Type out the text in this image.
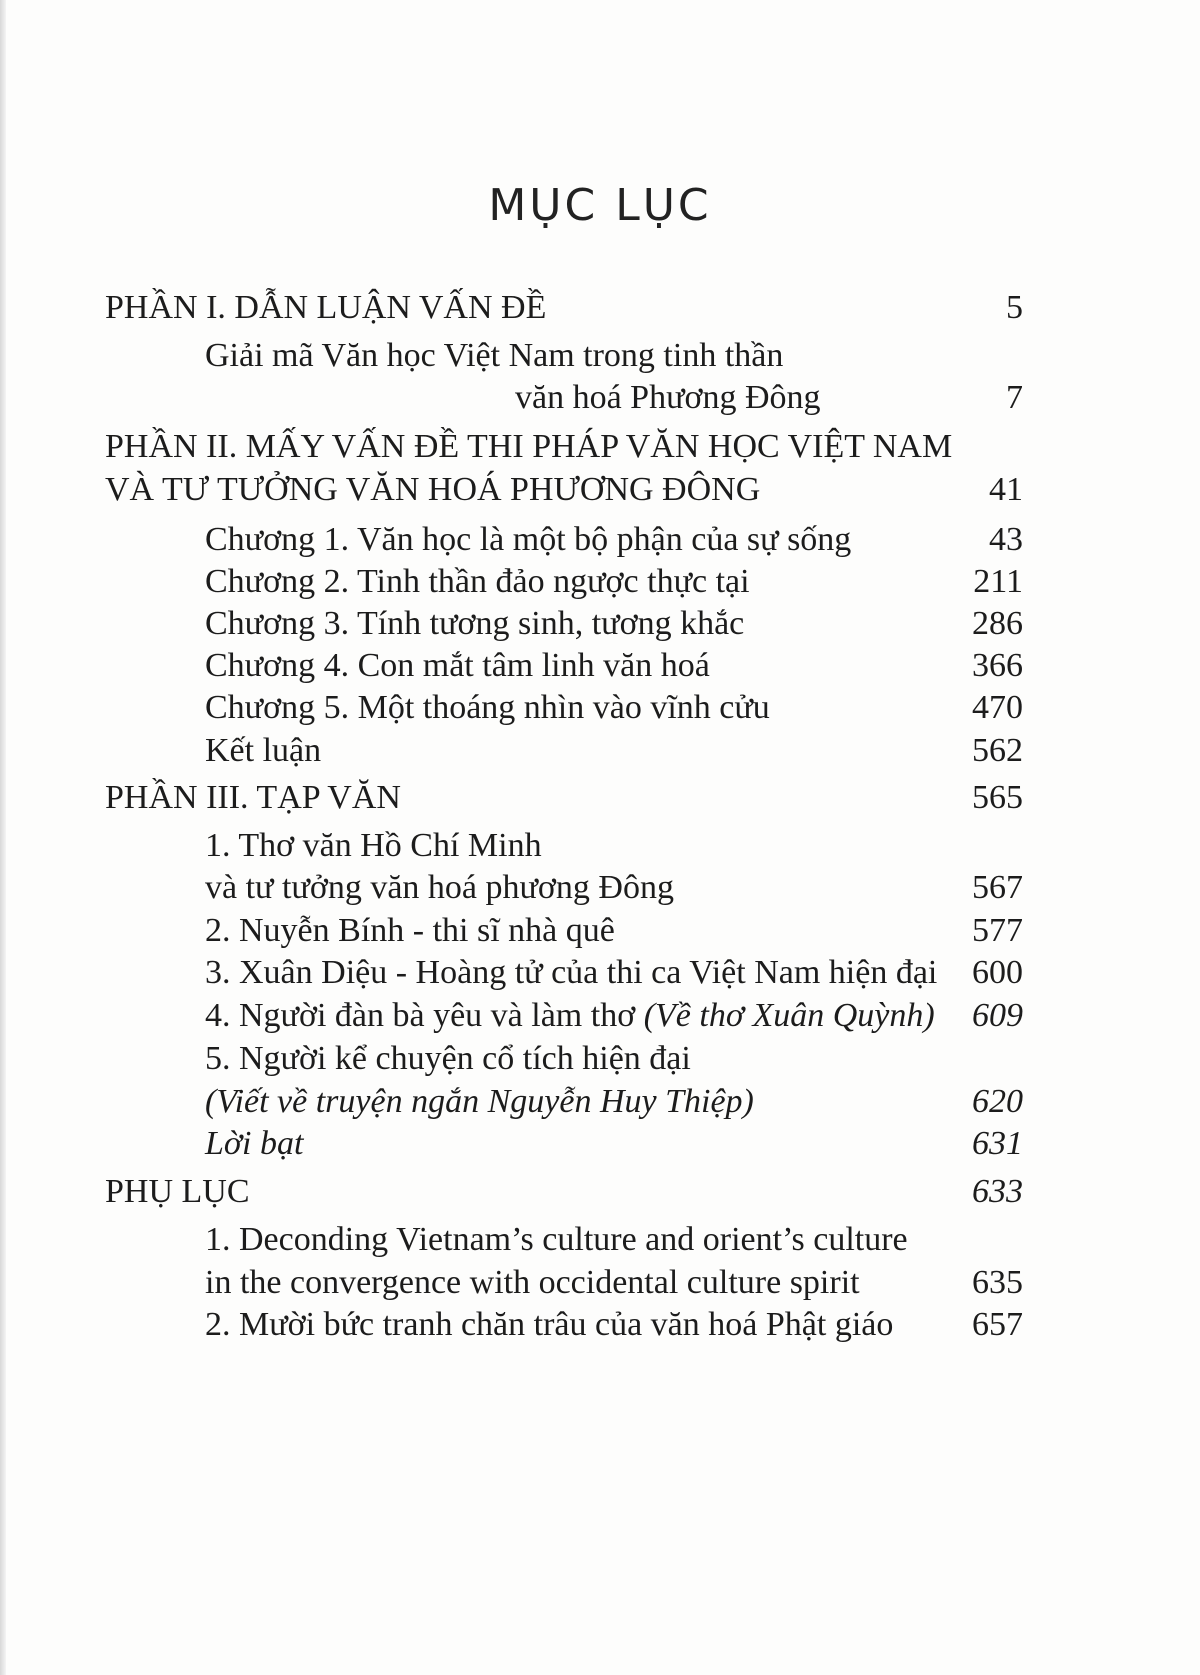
MỤC LỤC
PHẦN I. DẪN LUẬN VẤN ĐỀ	5
Giải mã Văn học Việt Nam trong tinh thần
văn hoá Phương Đông	7
PHẦN II. MẤY VẤN ĐỀ THI PHÁP VĂN HỌC VIỆT NAM
VÀ TƯ TƯỞNG VĂN HOÁ PHƯƠNG ĐÔNG	41
Chương 1. Văn học là một bộ phận của sự sống	43
Chương 2. Tinh thần đảo ngược thực tại	211
Chương 3. Tính tương sinh, tương khắc	286
Chương 4. Con mắt tâm linh văn hoá	366
Chương 5. Một thoáng nhìn vào vĩnh cửu	470
Kết luận	562
PHẦN III. TẠP VĂN	565
1. Thơ văn Hồ Chí Minh
và tư tưởng văn hoá phương Đông	567
2. Nuyễn Bính - thi sĩ nhà quê	577
3. Xuân Diệu - Hoàng tử của thi ca Việt Nam hiện đại 600
4. Người đàn bà yêu và làm thơ (Về thơ Xuân Quỳnh) 609
5. Người kể chuyện cổ tích hiện đại
(Viết về truyện ngắn Nguyễn Huy Thiệp)	620
Lời bạt	631
PHỤ LỤC	633
1. Deconding Vietnam’s culture and orient’s culture
in the convergence with occidental culture spirit	635
2. Mười bức tranh chăn trâu của văn hoá Phật giáo 657
